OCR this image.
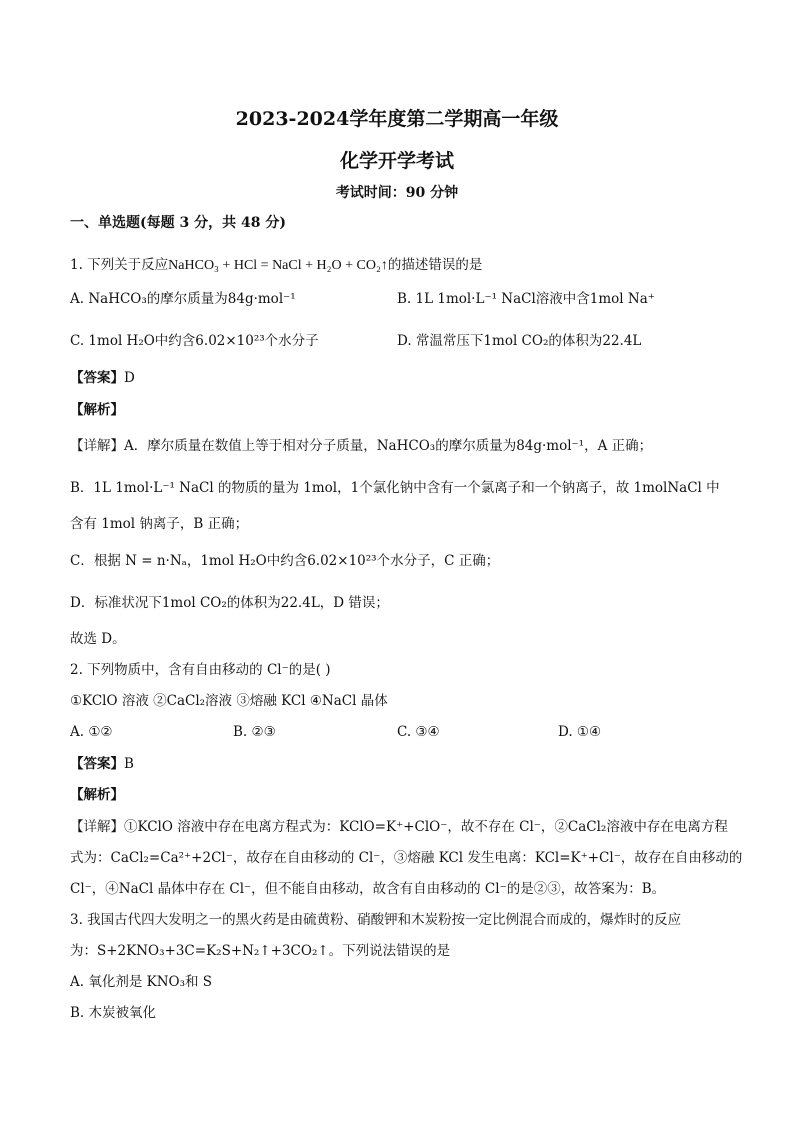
2023-2024学年度第二学期高一年级
化学开学考试
考试时间：90 分钟
一、单选题(每题 3 分，共 48 分)
1. 下列关于反应NaHCO₃ + HCl = NaCl + H₂O + CO₂↑的描述错误的是
A. NaHCO₃的摩尔质量为84g·mol⁻¹	B. 1L 1mol·L⁻¹ NaCl溶液中含1mol Na⁺
C. 1mol H₂O中约含6.02×10²³个水分子	D. 常温常压下1mol CO₂的体积为22.4L
【答案】D
【解析】
【详解】A．摩尔质量在数值上等于相对分子质量，NaHCO₃的摩尔质量为84g·mol⁻¹，A 正确；
B．1L 1mol·L⁻¹ NaCl 的物质的量为 1mol，1个氯化钠中含有一个氯离子和一个钠离子，故 1molNaCl 中
含有 1mol 钠离子，B 正确；
C．根据 N = n·Nₐ，1mol H₂O中约含6.02×10²³个水分子，C 正确；
D．标准状况下1mol CO₂的体积为22.4L，D 错误；
故选 D。
2. 下列物质中，含有自由移动的 Cl⁻的是( )
①KClO 溶液 ②CaCl₂溶液 ③熔融 KCl ④NaCl 晶体
A. ①②	B. ②③	C. ③④	D. ①④
【答案】B
【解析】
【详解】①KClO 溶液中存在电离方程式为：KClO=K⁺+ClO⁻，故不存在 Cl⁻，②CaCl₂溶液中存在电离方程
式为：CaCl₂=Ca²⁺+2Cl⁻，故存在自由移动的 Cl⁻，③熔融 KCl 发生电离：KCl=K⁺+Cl⁻，故存在自由移动的
Cl⁻，④NaCl 晶体中存在 Cl⁻，但不能自由移动，故含有自由移动的 Cl⁻的是②③，故答案为：B。
3. 我国古代四大发明之一的黑火药是由硫黄粉、硝酸钾和木炭粉按一定比例混合而成的，爆炸时的反应
为：S+2KNO₃+3C=K₂S+N₂↑+3CO₂↑。下列说法错误的是
A. 氧化剂是 KNO₃和 S
B. 木炭被氧化
